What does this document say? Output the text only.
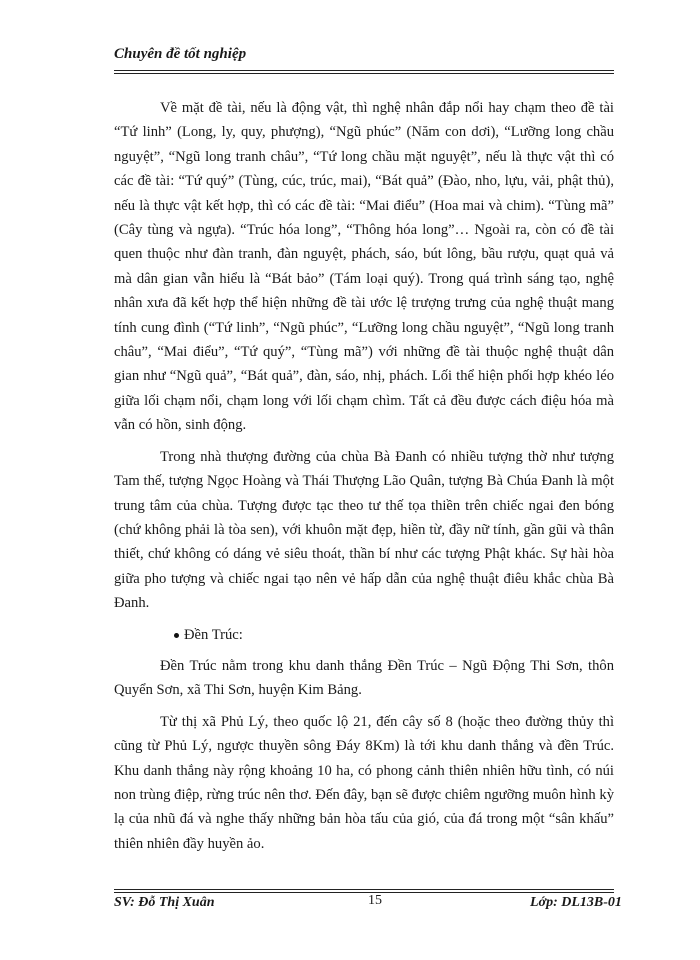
Chuyên đề tốt nghiệp

Về mặt đề tài, nếu là động vật, thì nghệ nhân đắp nổi hay chạm theo đề tài “Tứ linh” (Long, ly, quy, phượng), “Ngũ phúc” (Năm con dơi), “Lưỡng long chầu nguyệt”, “Ngũ long tranh châu”, “Tứ long chầu mặt nguyệt”, nếu là thực vật thì có các đề tài: “Tứ quý” (Tùng, cúc, trúc, mai), “Bát quả” (Đào, nho, lựu, vải, phật thủ), nếu là thực vật kết hợp, thì có các đề tài: “Mai điểu” (Hoa mai và chim). “Tùng mã” (Cây tùng và ngựa). “Trúc hóa long”, “Thông hóa long”… Ngoài ra, còn có đề tài quen thuộc như đàn tranh, đàn nguyệt, phách, sáo, bút lông, bầu rượu, quạt quả vả mà dân gian vẫn hiểu là “Bát bảo” (Tám loại quý). Trong quá trình sáng tạo, nghệ nhân xưa đã kết hợp thể hiện những đề tài ước lệ trượng trưng của nghệ thuật mang tính cung đình (“Tứ linh”, “Ngũ phúc”, “Lưỡng long chầu nguyệt”, “Ngũ long tranh châu”, “Mai điểu”, “Tứ quý”, “Tùng mã”) với những đề tài thuộc nghệ thuật dân gian như “Ngũ quả”, “Bát quả”, đàn, sáo, nhị, phách. Lối thể hiện phối hợp khéo léo giữa lối chạm nổi, chạm long với lối chạm chìm. Tất cả đều được cách điệu hóa mà vẫn có hồn, sinh động.

Trong nhà thượng đường của chùa Bà Đanh có nhiều tượng thờ như tượng Tam thế, tượng Ngọc Hoàng và Thái Thượng Lão Quân, tượng Bà Chúa Đanh là một trung tâm của chùa. Tượng được tạc theo tư thế tọa thiền trên chiếc ngai đen bóng (chứ không phải là tòa sen), với khuôn mặt đẹp, hiền từ, đầy nữ tính, gần gũi và thân thiết, chứ không có dáng vẻ siêu thoát, thần bí như các tượng Phật khác. Sự hài hòa giữa pho tượng và chiếc ngai tạo nên vẻ hấp dẫn của nghệ thuật điêu khắc chùa Bà Đanh.

Đền Trúc:

Đền Trúc nằm trong khu danh thắng Đền Trúc – Ngũ Động Thi Sơn, thôn Quyển Sơn, xã Thi Sơn, huyện Kim Bảng.

Từ thị xã Phủ Lý, theo quốc lộ 21, đến cây số 8 (hoặc theo đường thủy thì cũng từ Phủ Lý, ngược thuyền sông Đáy 8Km) là tới khu danh thắng và đền Trúc. Khu danh thắng này rộng khoảng 10 ha, có phong cảnh thiên nhiên hữu tình, có núi non trùng điệp, rừng trúc nên thơ. Đến đây, bạn sẽ được chiêm ngưỡng muôn hình kỳ lạ của nhũ đá và nghe thấy những bản hòa tấu của gió, của đá trong một “sân khấu” thiên nhiên đầy huyền ảo.

SV: Đỗ Thị Xuân	15	Lớp: DL13B-01
